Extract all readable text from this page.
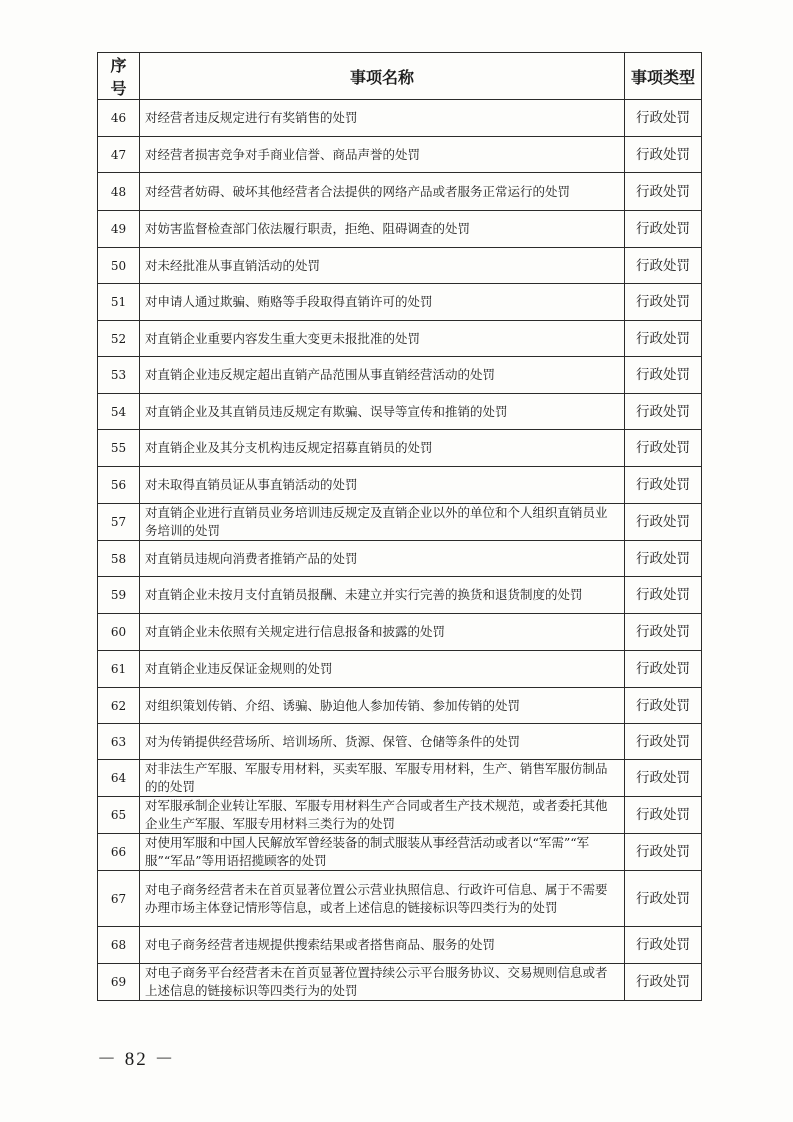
序号	事项名称	事项类型
46	对经营者违反规定进行有奖销售的处罚	行政处罚
47	对经营者损害竞争对手商业信誉、商品声誉的处罚	行政处罚
48	对经营者妨碍、破坏其他经营者合法提供的网络产品或者服务正常运行的处罚	行政处罚
49	对妨害监督检查部门依法履行职责，拒绝、阻碍调查的处罚	行政处罚
50	对未经批准从事直销活动的处罚	行政处罚
51	对申请人通过欺骗、贿赂等手段取得直销许可的处罚	行政处罚
52	对直销企业重要内容发生重大变更未报批准的处罚	行政处罚
53	对直销企业违反规定超出直销产品范围从事直销经营活动的处罚	行政处罚
54	对直销企业及其直销员违反规定有欺骗、误导等宣传和推销的处罚	行政处罚
55	对直销企业及其分支机构违反规定招募直销员的处罚	行政处罚
56	对未取得直销员证从事直销活动的处罚	行政处罚
57	对直销企业进行直销员业务培训违反规定及直销企业以外的单位和个人组织直销员业务培训的处罚	行政处罚
58	对直销员违规向消费者推销产品的处罚	行政处罚
59	对直销企业未按月支付直销员报酬、未建立并实行完善的换货和退货制度的处罚	行政处罚
60	对直销企业未依照有关规定进行信息报备和披露的处罚	行政处罚
61	对直销企业违反保证金规则的处罚	行政处罚
62	对组织策划传销、介绍、诱骗、胁迫他人参加传销、参加传销的处罚	行政处罚
63	对为传销提供经营场所、培训场所、货源、保管、仓储等条件的处罚	行政处罚
64	对非法生产军服、军服专用材料，买卖军服、军服专用材料，生产、销售军服仿制品的的处罚	行政处罚
65	对军服承制企业转让军服、军服专用材料生产合同或者生产技术规范，或者委托其他企业生产军服、军服专用材料三类行为的处罚	行政处罚
66	对使用军服和中国人民解放军曾经装备的制式服装从事经营活动或者以“军需”“军服”“军品”等用语招揽顾客的处罚	行政处罚
67	对电子商务经营者未在首页显著位置公示营业执照信息、行政许可信息、属于不需要办理市场主体登记情形等信息，或者上述信息的链接标识等四类行为的处罚	行政处罚
68	对电子商务经营者违规提供搜索结果或者搭售商品、服务的处罚	行政处罚
69	对电子商务平台经营者未在首页显著位置持续公示平台服务协议、交易规则信息或者上述信息的链接标识等四类行为的处罚	行政处罚
－ 82 －
